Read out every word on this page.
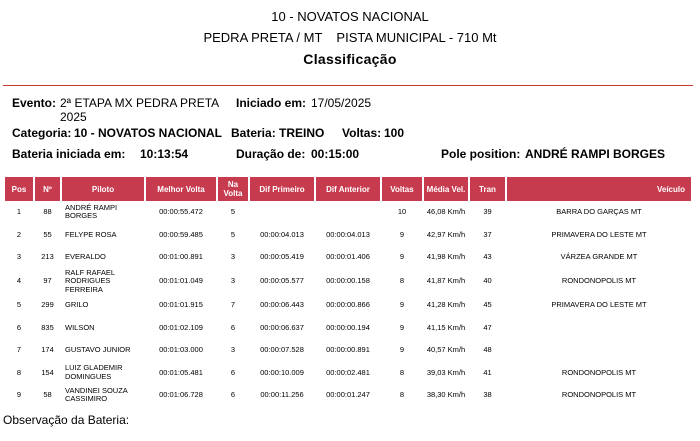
10 - NOVATOS NACIONAL
PEDRA PRETA / MT PISTA MUNICIPAL - 710 Mt
Classificação
Evento: 2ª ETAPA MX PEDRA PRETA 2025
Iniciado em: 17/05/2025
Categoria: 10 - NOVATOS NACIONAL Bateria: TREINO Voltas: 100
Bateria iniciada em: 10:13:54	Duração de: 00:15:00	Pole position: ANDRÉ RAMPI BORGES
Pos	Nº	Piloto	Melhor Volta	Na Volta	Dif Primeiro	Dif Anterior	Voltas	Média Vel.	Tran	Veículo
1	88	ANDRÉ RAMPI BORGES	00:00:55.472	5			10	46,08 Km/h	39	BARRA DO GARÇAS MT
2	55	FELYPE ROSA	00:00:59.485	5	00:00:04.013	00:00:04.013	9	42,97 Km/h	37	PRIMAVERA DO LESTE MT
3	213	EVERALDO	00:01:00.891	3	00:00:05.419	00:00:01.406	9	41,98 Km/h	43	VÁRZEA GRANDE MT
4	97	RALF RAFAEL RODRIGUES FERREIRA	00:01:01.049	3	00:00:05.577	00:00:00.158	8	41,87 Km/h	40	RONDONOPOLIS MT
5	299	GRILO	00:01:01.915	7	00:00:06.443	00:00:00.866	9	41,28 Km/h	45	PRIMAVERA DO LESTE MT
6	835	WILSON	00:01:02.109	6	00:00:06.637	00:00:00.194	9	41,15 Km/h	47	
7	174	GUSTAVO JUNIOR	00:01:03.000	3	00:00:07.528	00:00:00.891	9	40,57 Km/h	48	
8	154	LUIZ GLADEMIR DOMINGUES	00:01:05.481	6	00:00:10.009	00:00:02.481	8	39,03 Km/h	41	RONDONOPOLIS MT
9	58	VANDINEI SOUZA CASSIMIRO	00:01:06.728	6	00:00:11.256	00:00:01.247	8	38,30 Km/h	38	RONDONOPOLIS MT
Observação da Bateria:
